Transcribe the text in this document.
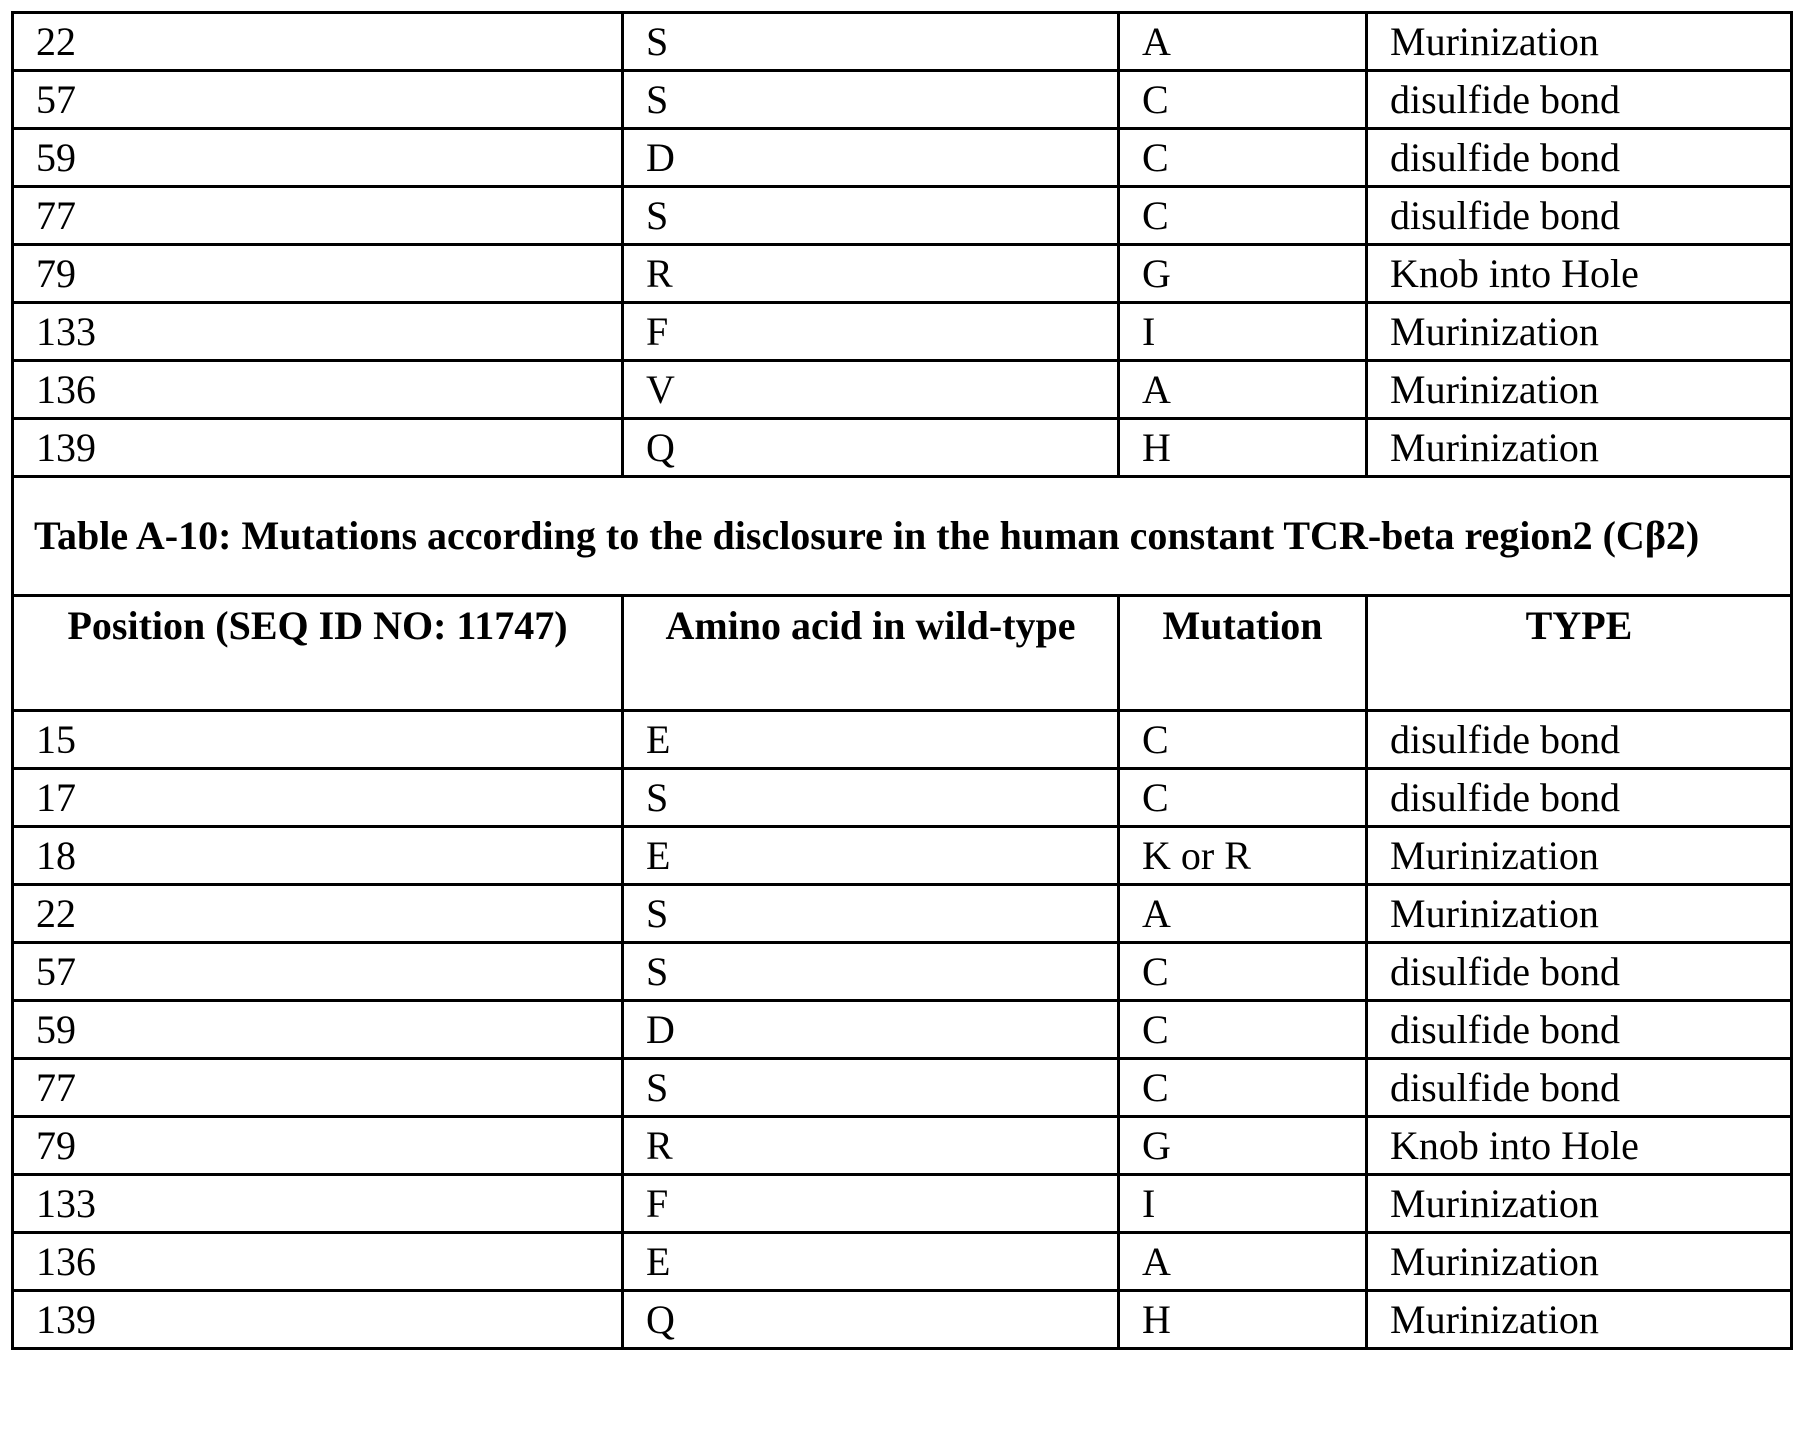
22	S	A	Murinization
57	S	C	disulfide bond
59	D	C	disulfide bond
77	S	C	disulfide bond
79	R	G	Knob into Hole
133	F	I	Murinization
136	V	A	Murinization
139	Q	H	Murinization
Table A-10: Mutations according to the disclosure in the human constant TCR-beta region2 (Cβ2)
Position (SEQ ID NO: 11747)	Amino acid in wild-type	Mutation	TYPE
15	E	C	disulfide bond
17	S	C	disulfide bond
18	E	K or R	Murinization
22	S	A	Murinization
57	S	C	disulfide bond
59	D	C	disulfide bond
77	S	C	disulfide bond
79	R	G	Knob into Hole
133	F	I	Murinization
136	E	A	Murinization
139	Q	H	Murinization
